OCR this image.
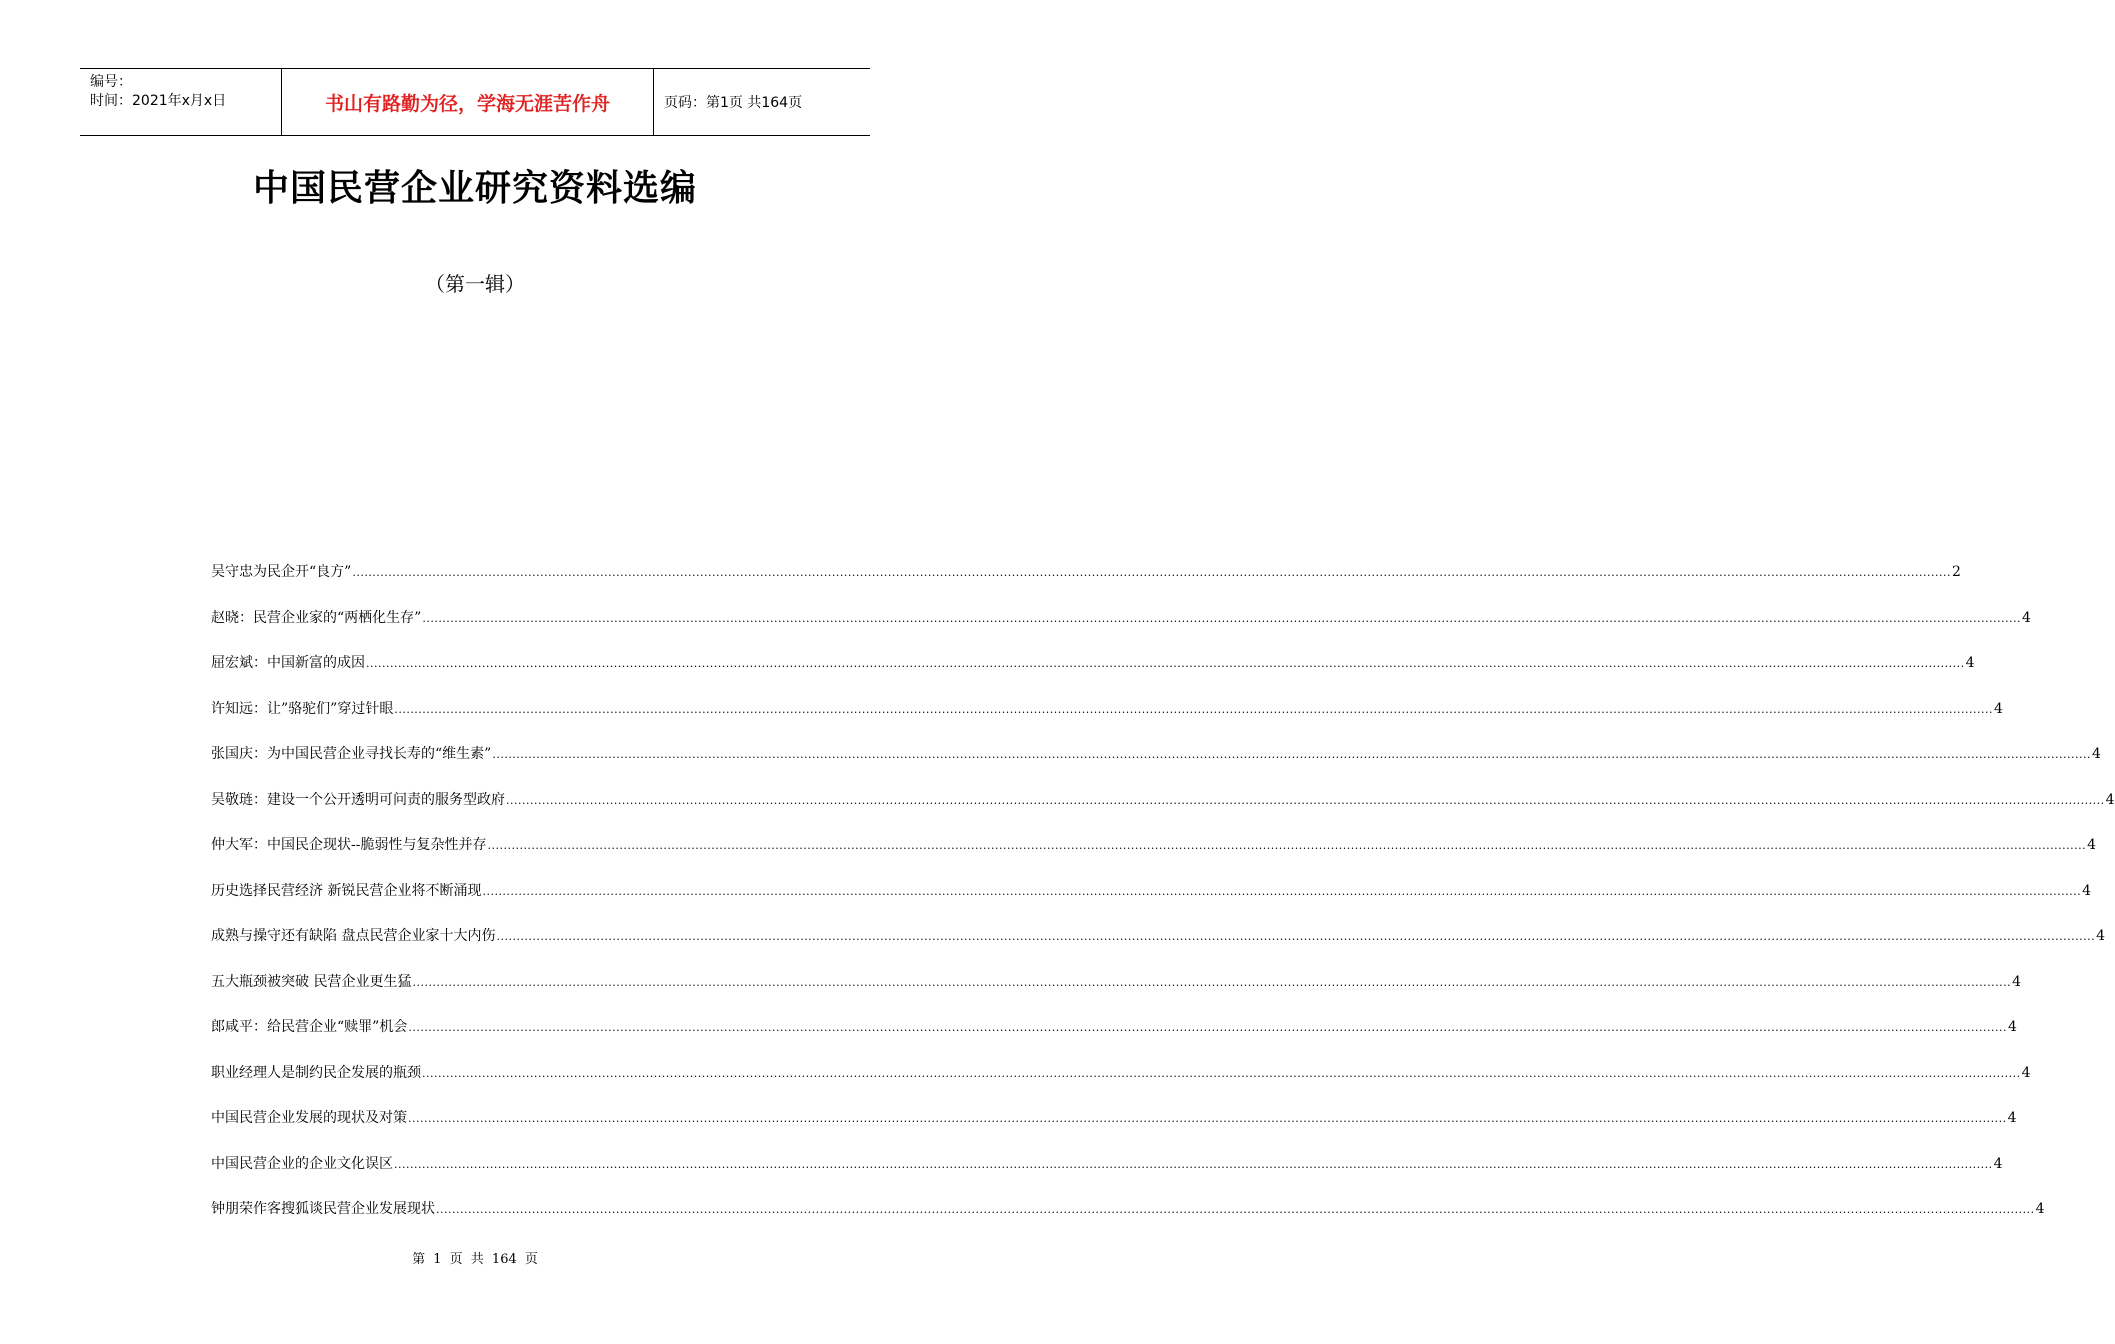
编号：
时间：2021年x月x日	书山有路勤为径，学海无涯苦作舟	页码：第1页 共164页
中国民营企业研究资料选编
（第一辑）
吴守忠为民企开“良方” ................................................................................................................................................................................................................................................................................................................................................................................................................ 2
赵晓：民营企业家的“两栖化生存” ................................................................................................................................................................................................................................................................................................................................................................................................................ 4
屈宏斌：中国新富的成因 ................................................................................................................................................................................................................................................................................................................................................................................................................ 4
许知远：让”骆驼们”穿过针眼 ................................................................................................................................................................................................................................................................................................................................................................................................................ 4
张国庆：为中国民营企业寻找长寿的“维生素” ................................................................................................................................................................................................................................................................................................................................................................................................................ 4
吴敬琏：建设一个公开透明可问责的服务型政府 ................................................................................................................................................................................................................................................................................................................................................................................................................ 4
仲大军：中国民企现状--脆弱性与复杂性并存 ................................................................................................................................................................................................................................................................................................................................................................................................................ 4
历史选择民营经济 新锐民营企业将不断涌现 ................................................................................................................................................................................................................................................................................................................................................................................................................ 4
成熟与操守还有缺陷 盘点民营企业家十大内伤 ................................................................................................................................................................................................................................................................................................................................................................................................................ 4
五大瓶颈被突破 民营企业更生猛 ................................................................................................................................................................................................................................................................................................................................................................................................................ 4
郎咸平：给民营企业“赎罪”机会 ................................................................................................................................................................................................................................................................................................................................................................................................................ 4
职业经理人是制约民企发展的瓶颈 ................................................................................................................................................................................................................................................................................................................................................................................................................ 4
中国民营企业发展的现状及对策 ................................................................................................................................................................................................................................................................................................................................................................................................................ 4
中国民营企业的企业文化误区 ................................................................................................................................................................................................................................................................................................................................................................................................................ 4
钟朋荣作客搜狐谈民营企业发展现状 ................................................................................................................................................................................................................................................................................................................................................................................................................ 4
第 1 页 共 164 页
